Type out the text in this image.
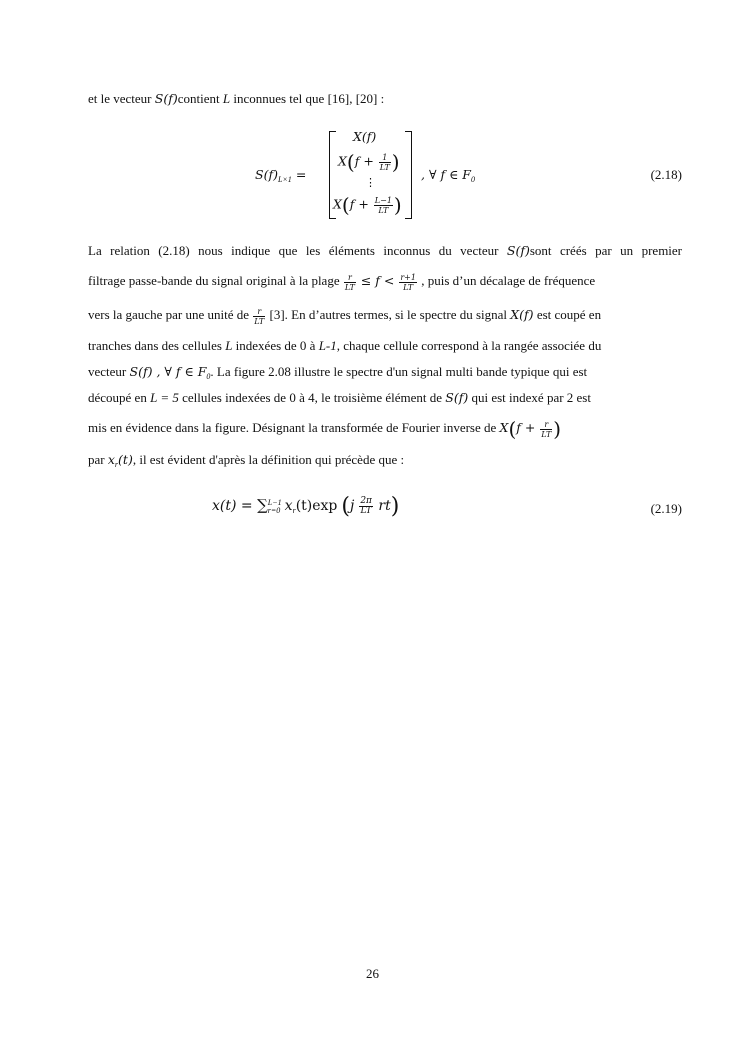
et le vecteur S(f)contient L inconnues tel que [16], [20] :
$S(f)_{L\times 1}$ =
X(f)
$X(f + \frac{1}{LT}$ )
⋮
$X(f + \frac{L-1}{LT}$ )
, ∀ f ∈ $F_0$	(2.18)
La relation (2.18) nous indique que les éléments inconnus du vecteur S(f)sont créés par un premier
filtrage passe-bande du signal original à la plage $\frac{r}{LT} \le f < \frac{r+1}{LT}$ , puis d’un décalage de fréquence
vers la gauche par une unité de $\frac{r}{LT} [3]$. En d’autres termes, si le spectre du signal X(f) est coupé en
tranches dans des cellules L indexées de 0 à L-1, chaque cellule correspond à la rangée associée du
vecteur S(f) , ∀ f ∈ $F_0$. La figure 2.08 illustre le spectre d'un signal multi bande typique qui est
découpé en L = 5 cellules indexées de 0 à 4, le troisième élément de S(f) qui est indexé par 2 est
mis en évidence dans la figure. Désignant la transformée de Fourier inverse de $X(f + \frac{r}{LT}$ )
par $x_r(t)$, il est évident d'après la définition qui précède que :
x(t) = ∑ L−1
r=0 $x_r(t)\exp$ $(j \frac{2\pi}{LT} rt)$	(2.19)
26
